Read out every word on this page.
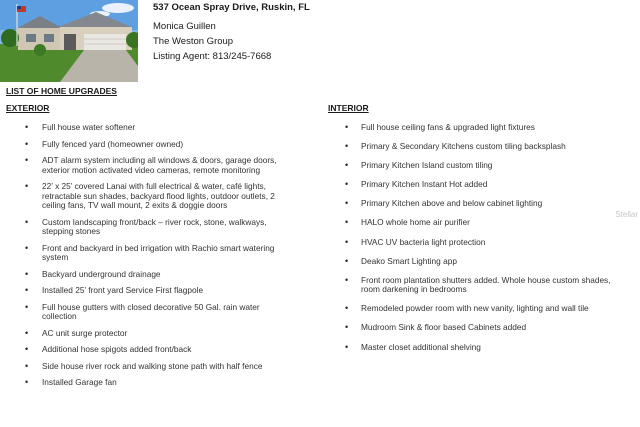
537 Ocean Spray Drive, Ruskin, FL
Monica Guillen
The Weston Group
Listing Agent: 813/245-7668
LIST OF HOME UPGRADES
EXTERIOR
• Full house water softener
• Fully fenced yard (homeowner owned)
• ADT alarm system including all windows & doors, garage doors, exterior motion activated video cameras, remote monitoring
• 22’ x 25’ covered Lanai with full electrical & water, café lights, retractable sun shades, backyard flood lights, outdoor outlets, 2 ceiling fans, TV wall mount, 2 exits & doggie doors
• Custom landscaping front/back – river rock, stone, walkways, stepping stones
• Front and backyard in bed irrigation with Rachio smart watering system
• Backyard underground drainage
• Installed 25’ front yard Service First flagpole
• Full house gutters with closed decorative 50 Gal. rain water collection
• AC unit surge protector
• Additional hose spigots added front/back
• Side house river rock and walking stone path with half fence
• Installed Garage fan
INTERIOR
• Full house ceiling fans & upgraded light fixtures
• Primary & Secondary Kitchens custom tiling backsplash
• Primary Kitchen Island custom tiling
• Primary Kitchen Instant Hot added
• Primary Kitchen above and below cabinet lighting
• HALO whole home air purifier
• HVAC UV bacteria light protection
• Deako Smart Lighting app
• Front room plantation shutters added. Whole house custom shades, room darkening in bedrooms
• Remodeled powder room with new vanity, lighting and wall tile
• Mudroom Sink & floor based Cabinets added
• Master closet additional shelving
Stellar
